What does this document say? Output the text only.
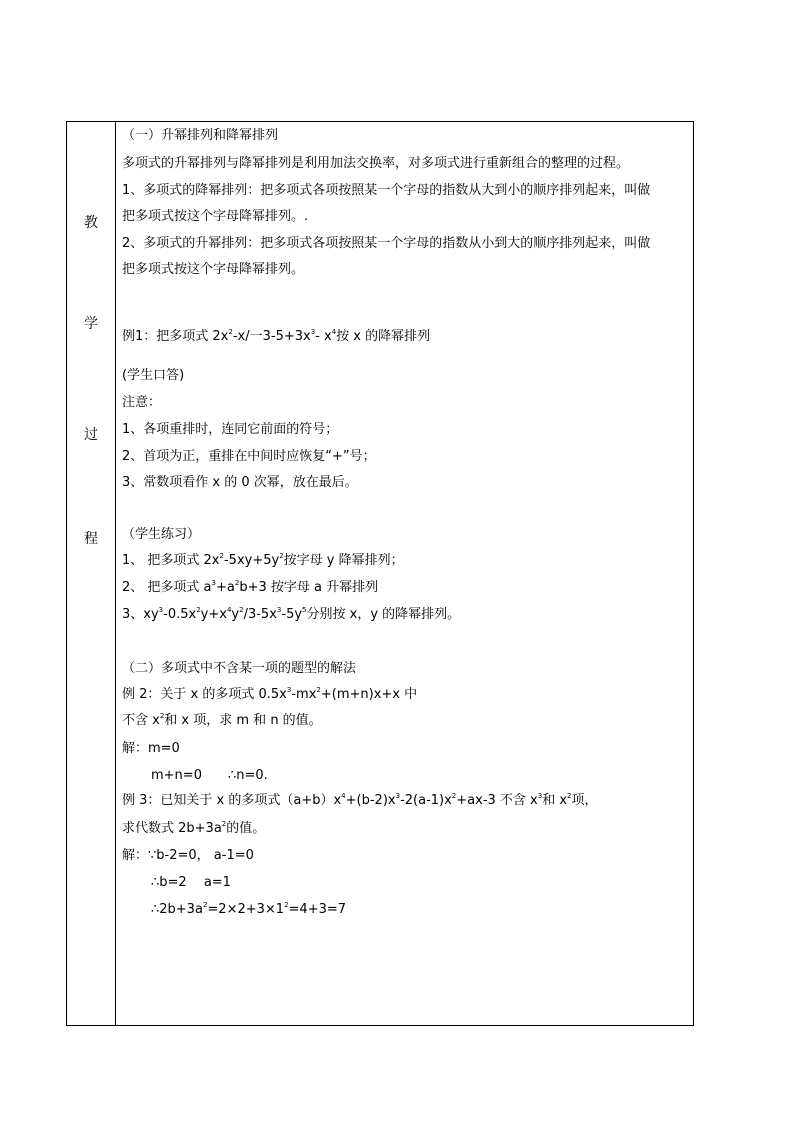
教
学
过
程
（一）升幂排列和降幂排列
多项式的升幂排列与降幂排列是利用加法交换率，对多项式进行重新组合的整理的过程。
1、多项式的降幂排列：把多项式各项按照某一个字母的指数从大到小的顺序排列起来，叫做
把多项式按这个字母降幂排列。.
2、多项式的升幂排列：把多项式各项按照某一个字母的指数从小到大的顺序排列起来，叫做
把多项式按这个字母降幂排列。
例1：把多项式 $2x^2-x/$一$3-5+3x^3-$ $x^4$按 x 的降幂排列
(学生口答)
注意：
1、各项重排时，连同它前面的符号；
2、首项为正，重排在中间时应恢复“+”号；
3、常数项看作 x 的 0 次幂，放在最后。
（学生练习）
1、 把多项式 $2x^2-5xy+5y^2$按字母 y 降幂排列；
2、 把多项式 $a^3+a^2b+3$ 按字母 a 升幂排列
3、$xy^3-0.5x^2y+x^4y^2/3-5x^3-5y^5$分别按 x，y 的降幂排列。
（二）多项式中不含某一项的题型的解法
例 2：关于 x 的多项式 $0.5x^3-mx^2+(m+n)x+x$ 中
不含 $x^2$和 x 项，求 m 和 n 的值。
解：m=0
m+n=0　　∴n=0.
例 3：已知关于 x 的多项式$(a+b)x^4+(b-2)x^3-2(a-1)x^2+ax-3$ 不含 $x^3$和 $x^2$项，
求代数式 $2b+3a^2$的值。
解：∵b-2=0， a-1=0
∴b=2　 a=1
$\therefore 2b+3a^2=2\times 2+3\times 1^2=4+3=7$
